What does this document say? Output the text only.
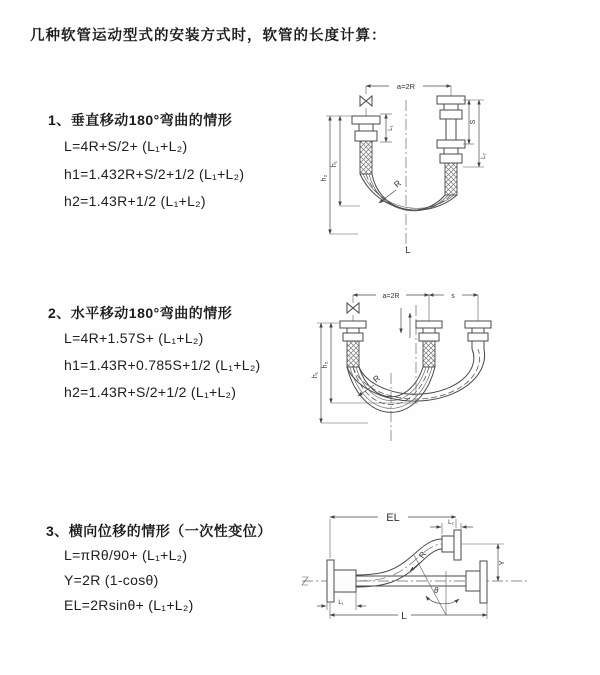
几种软管运动型式的安装方式时，软管的长度计算：
1、垂直移动180°弯曲的情形
L=4R+S/2+ (L₁+L₂)
h1=1.432R+S/2+1/2 (L₁+L₂)
h2=1.43R+1/2 (L₁+L₂)
2、水平移动180°弯曲的情形
L=4R+1.57S+ (L₁+L₂)
h1=1.43R+0.785S+1/2 (L₁+L₂)
h2=1.43R+S/2+1/2 (L₁+L₂)
3、横向位移的情形（一次性变位）
L=πRθ/90+ (L₁+L₂)
Y=2R (1-cosθ)
EL=2Rsinθ+ (L₁+L₂)
a=2R
h₂
h₁
L₁
S
L₂
R
L
a=2R	s
h₁
h₂
R
EL	L₂
Y
L
L₁
θ
R
